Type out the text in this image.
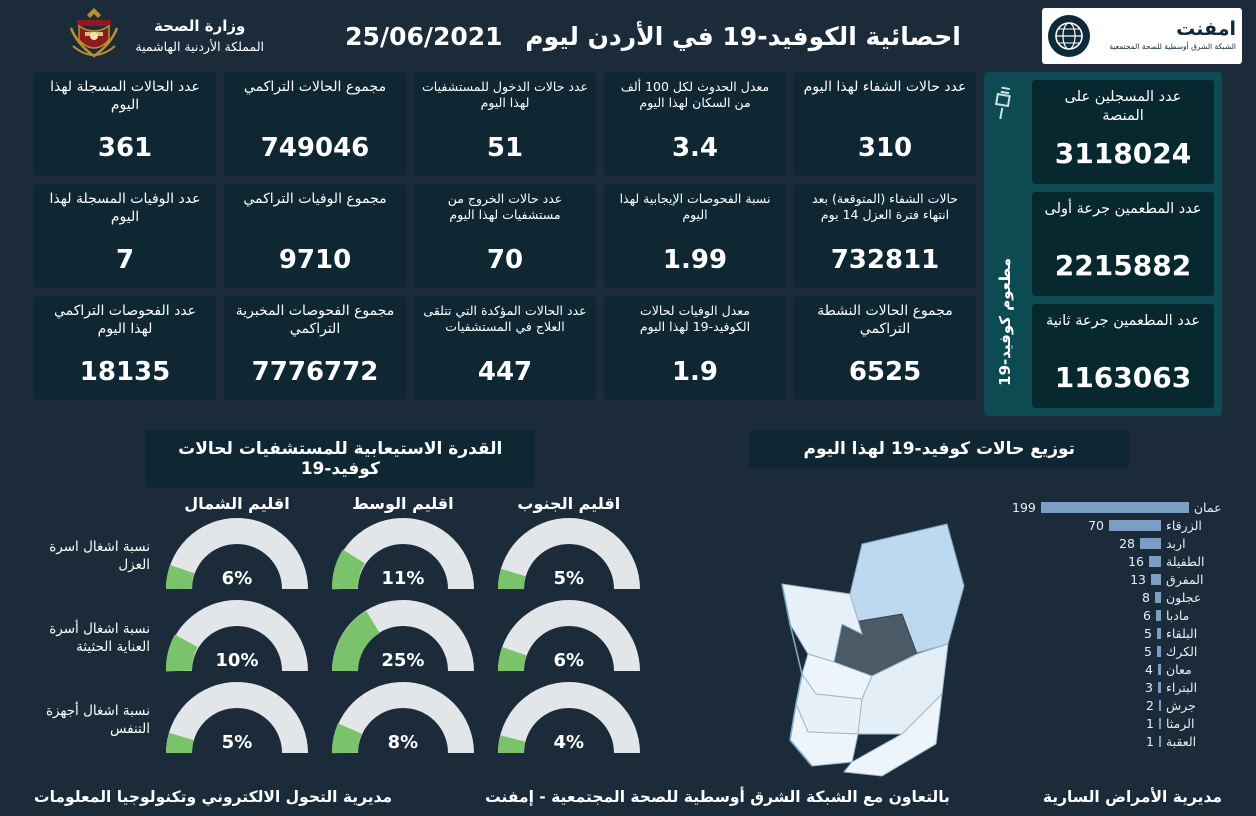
امفنت
الشبكة الشرق أوسطية للصحة المجتمعية
احصائية الكوفيد-19 في الأردن ليوم 25/06/2021
وزارة الصحة
المملكة الأردنية الهاشمية
عدد المسجلين على المنصة
3118024
عدد المطعمين جرعة أولى
2215882
عدد المطعمين جرعة ثانية
1163063
مطعوم كوفيد-19
عدد حالات الشفاء لهذا اليوم
310
معدل الحدوث لكل 100 ألف من السكان لهذا اليوم
3.4
عدد حالات الدخول للمستشفيات لهذا اليوم
51
مجموع الحالات التراكمي
749046
عدد الحالات المسجلة لهذا اليوم
361
حالات الشفاء (المتوقعة) بعد انتهاء فترة العزل 14 يوم
732811
نسبة الفحوصات الإيجابية لهذا اليوم
1.99
عدد حالات الخروج من مستشفيات لهذا اليوم
70
مجموع الوفيات التراكمي
9710
عدد الوفيات المسجلة لهذا اليوم
7
مجموع الحالات النشطة التراكمي
6525
معدل الوفيات لحالات الكوفيد-19 لهذا اليوم
1.9
عدد الحالات المؤكدة التي تتلقى العلاج في المستشفيات
447
مجموع الفحوصات المخبرية التراكمي
7776772
عدد الفحوصات التراكمي لهذا اليوم
18135
توزيع حالات كوفيد-19 لهذا اليوم
القدرة الاستيعابية للمستشفيات لحالات كوفيد-19
عمان
199
الزرقاء
70
اربد
28
الطفيلة
16
المفرق
13
عجلون
8
مادبا
6
البلقاء
5
الكرك
5
معان
4
البتراء
3
جرش
2
الرمثا
1
العقبة
1
اقليم الجنوب
اقليم الوسط
اقليم الشمال
5%
11%
6%
نسبة اشغال اسرة العزل
6%
25%
10%
نسبة اشغال أسرة العناية الحثيثة
4%
8%
5%
نسبة اشغال أجهزة التنفس
مديرية الأمراض السارية
بالتعاون مع الشبكة الشرق أوسطية للصحة المجتمعية - إمفنت
مديرية التحول الالكتروني وتكنولوجيا المعلومات
